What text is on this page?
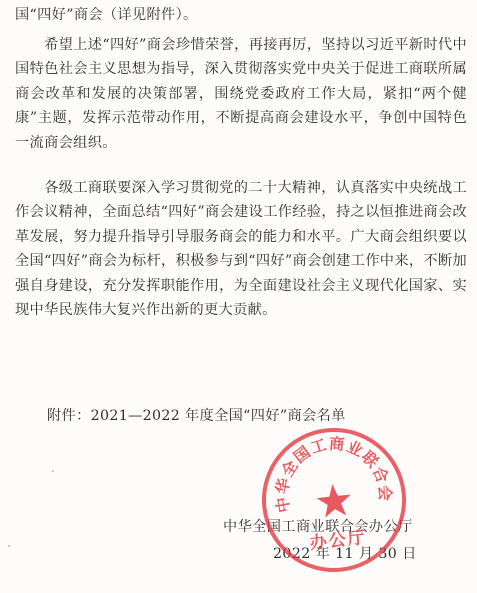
国“四好”商会（详见附件）。

　　希望上述“四好”商会珍惜荣誉，再接再厉，坚持以习近平新时代中国特色社会主义思想为指导，深入贯彻落实党中央关于促进工商联所属商会改革和发展的决策部署，围绕党委政府工作大局，紧扣“两个健康”主题，发挥示范带动作用，不断提高商会建设水平，争创中国特色一流商会组织。

　　各级工商联要深入学习贯彻党的二十大精神，认真落实中央统战工作会议精神，全面总结“四好”商会建设工作经验，持之以恒推进商会改革发展，努力提升指导引导服务商会的能力和水平。广大商会组织要以全国“四好”商会为标杆，积极参与到“四好”商会创建工作中来，不断加强自身建设，充分发挥职能作用，为全面建设社会主义现代化国家、实现中华民族伟大复兴作出新的更大贡献。

附件：2021—2022 年度全国“四好”商会名单

中华全国工商业联合会办公厅

2022 年 11 月 30 日

中华全国工商业联合会
办公厅
